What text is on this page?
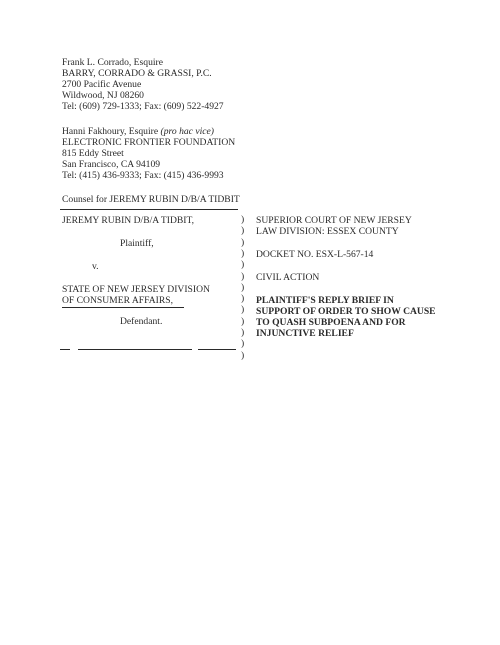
Frank L. Corrado, Esquire
BARRY, CORRADO & GRASSI, P.C.
2700 Pacific Avenue
Wildwood, NJ 08260
Tel: (609) 729-1333; Fax: (609) 522-4927
Hanni Fakhoury, Esquire (pro hac vice)
ELECTRONIC FRONTIER FOUNDATION
815 Eddy Street
San Francisco, CA 94109
Tel: (415) 436-9333; Fax: (415) 436-9993
Counsel for JEREMY RUBIN D/B/A TIDBIT
JEREMY RUBIN D/B/A TIDBIT,
Plaintiff,
v.
STATE OF NEW JERSEY DIVISION
OF CONSUMER AFFAIRS,
Defendant.
)
)
)
)
)
)
)
)
)
)
)
)
)
SUPERIOR COURT OF NEW JERSEY
LAW DIVISION: ESSEX COUNTY
DOCKET NO. ESX-L-567-14
CIVIL ACTION
PLAINTIFF'S REPLY BRIEF IN
SUPPORT OF ORDER TO SHOW CAUSE
TO QUASH SUBPOENA AND FOR
INJUNCTIVE RELIEF
